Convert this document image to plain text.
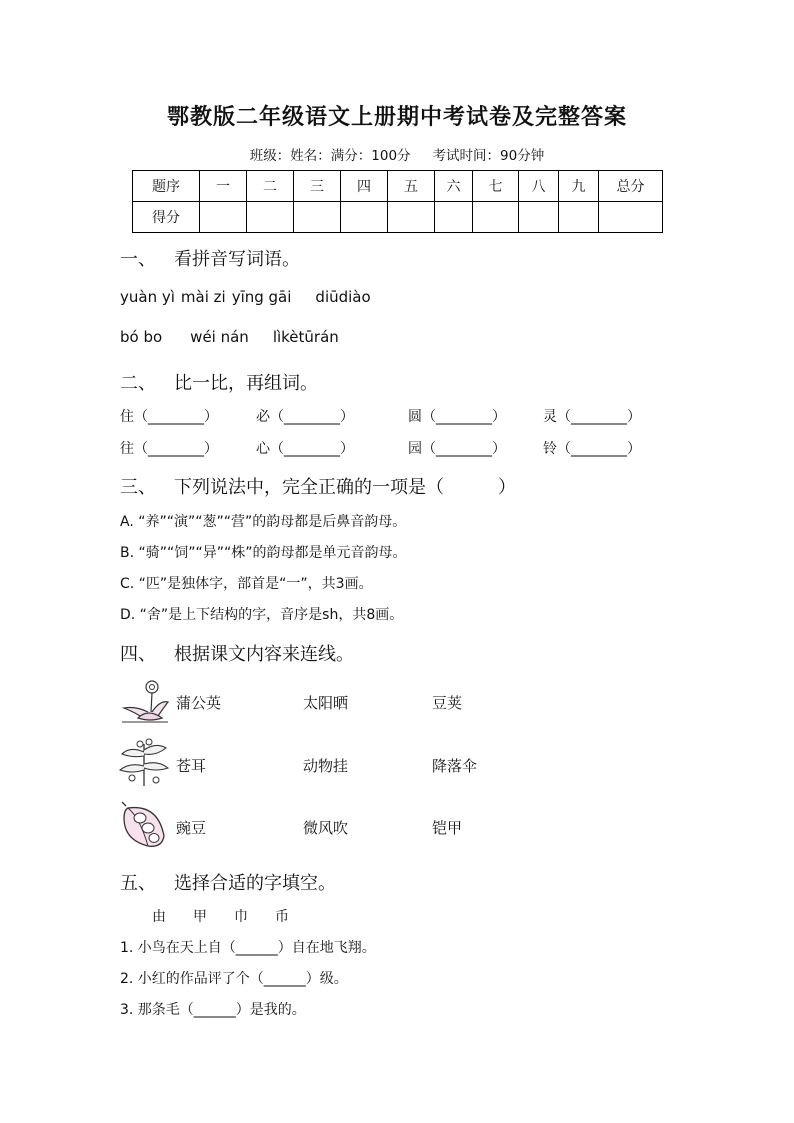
鄂教版二年级语文上册期中考试卷及完整答案
班级：姓名：满分：100分 考试时间：90分钟
题序	一	二	三	四	五	六	七	八	九	总分
得分										
一、 看拼音写词语。
yuàn yì mài zi yīng gāi diūdiào
bó bo wéi nán lìkètūrán
二、 比一比，再组词。
住（________）	必（________）	圆（________）	灵（________）
往（________）	心（________）	园（________）	铃（________）
三、 下列说法中，完全正确的一项是（　　　）
A. “养”“演”“葱”“营”的韵母都是后鼻音韵母。
B. “骑”“饲”“异”“株”的韵母都是单元音韵母。
C. “匹”是独体字，部首是“一”，共3画。
D. “舍”是上下结构的字，音序是sh，共8画。
四、 根据课文内容来连线。
蒲公英	太阳晒	豆荚
苍耳	动物挂	降落伞
豌豆	微风吹	铠甲
五、 选择合适的字填空。
由 甲 巾 币
1. 小鸟在天上自（______）自在地飞翔。
2. 小红的作品评了个（______）级。
3. 那条毛（______）是我的。
